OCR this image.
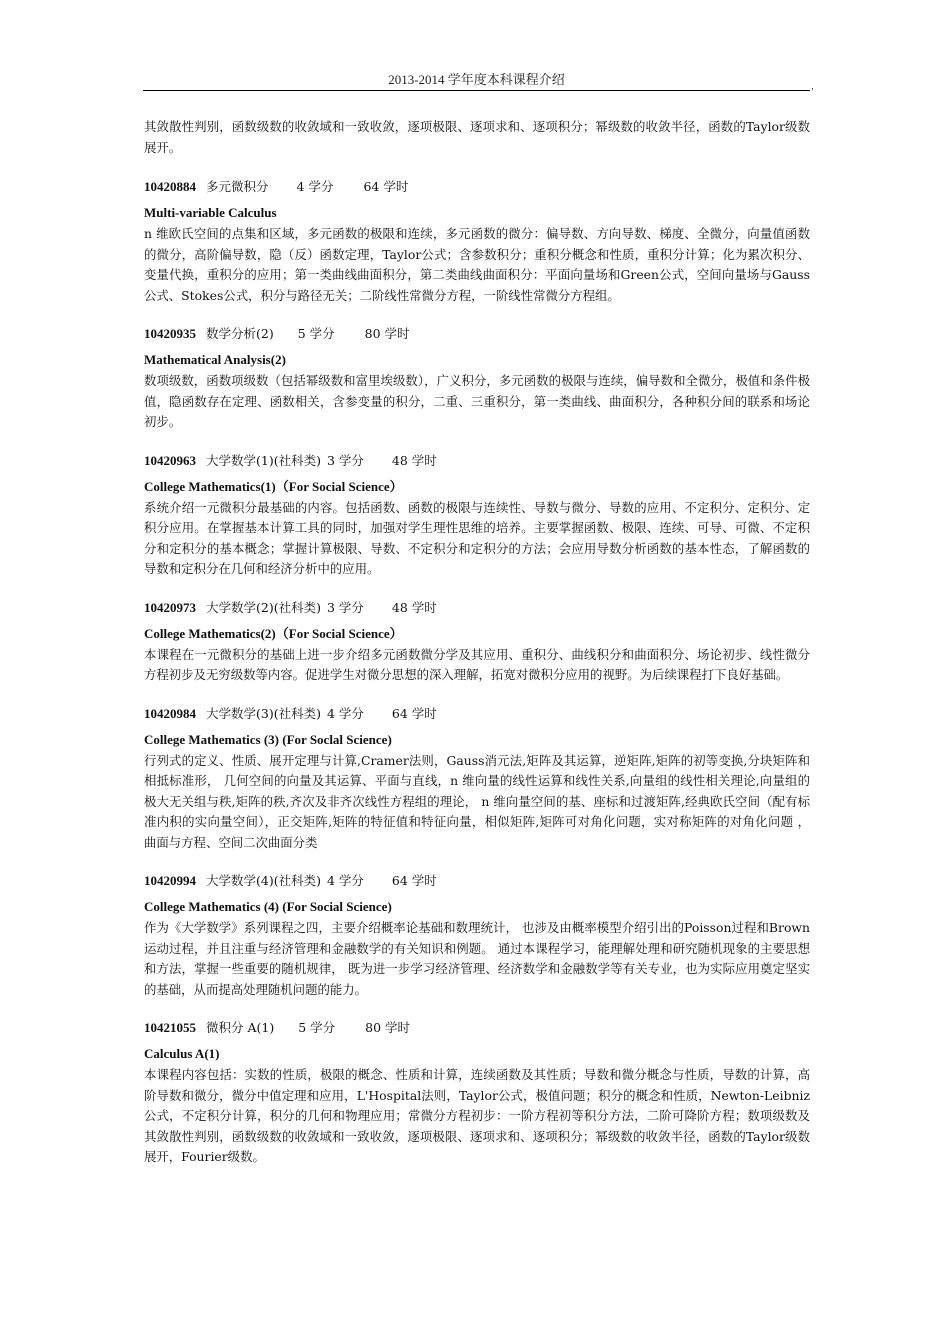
2013-2014 学年度本科课程介绍	，

其敛散性判别，函数级数的收敛域和一致收敛，逐项极限、逐项求和、逐项积分；幂级数的收敛半径，函数的Taylor级数展开。

10420884 多元微积分 4 学分 64 学时
Multi-variable Calculus

n 维欧氏空间的点集和区域，多元函数的极限和连续，多元函数的微分：偏导数、方向导数、梯度、全微分，向量值函数的微分，高阶偏导数，隐（反）函数定理，Taylor公式；含参数积分；重积分概念和性质，重积分计算；化为累次积分、变量代换，重积分的应用；第一类曲线曲面积分，第二类曲线曲面积分：平面向量场和Green公式，空间向量场与Gauss公式、Stokes公式，积分与路径无关；二阶线性常微分方程，一阶线性常微分方程组。

10420935 数学分析(2) 5 学分 80 学时
Mathematical Analysis(2)

数项级数，函数项级数（包括幂级数和富里埃级数），广义积分，多元函数的极限与连续，偏导数和全微分，极值和条件极值，隐函数存在定理、函数相关，含参变量的积分，二重、三重积分，第一类曲线、曲面积分，各种积分间的联系和场论初步。

10420963 大学数学(1)(社科类) 3 学分 48 学时
College Mathematics(1)（For Social Science）

系统介绍一元微积分最基础的内容。包括函数、函数的极限与连续性、导数与微分、导数的应用、不定积分、定积分、定积分应用。在掌握基本计算工具的同时，加强对学生理性思维的培养。主要掌握函数、极限、连续、可导、可微、不定积分和定积分的基本概念；掌握计算极限、导数、不定积分和定积分的方法；会应用导数分析函数的基本性态，了解函数的导数和定积分在几何和经济分析中的应用。

10420973 大学数学(2)(社科类) 3 学分 48 学时
College Mathematics(2)（For Social Science）

本课程在一元微积分的基础上进一步介绍多元函数微分学及其应用、重积分、曲线积分和曲面积分、场论初步、线性微分方程初步及无穷级数等内容。促进学生对微分思想的深入理解，拓宽对微积分应用的视野。为后续课程打下良好基础。

10420984 大学数学(3)(社科类) 4 学分 64 学时
College Mathematics (3) (For Soclal Science)

行列式的定义、性质、展开定理与计算,Cramer法则，Gauss消元法,矩阵及其运算，逆矩阵,矩阵的初等变换,分块矩阵和相抵标准形， 几何空间的向量及其运算、平面与直线，n 维向量的线性运算和线性关系,向量组的线性相关理论,向量组的极大无关组与秩,矩阵的秩,齐次及非齐次线性方程组的理论， n 维向量空间的基、座标和过渡矩阵,经典欧氏空间（配有标准内积的实向量空间），正交矩阵,矩阵的特征值和特征向量，相似矩阵,矩阵可对角化问题，实对称矩阵的对角化问题 ， 曲面与方程、空间二次曲面分类

10420994 大学数学(4)(社科类) 4 学分 64 学时
College Mathematics (4) (For Social Science)

作为《大学数学》系列课程之四，主要介绍概率论基础和数理统计， 也涉及由概率模型介绍引出的Poisson过程和Brown运动过程，并且注重与经济管理和金融数学的有关知识和例题。 通过本课程学习，能理解处理和研究随机现象的主要思想和方法，掌握一些重要的随机规律， 既为进一步学习经济管理、经济数学和金融数学等有关专业，也为实际应用奠定坚实的基础，从而提高处理随机问题的能力。

10421055 微积分 A(1) 5 学分 80 学时
Calculus A(1)

本课程内容包括：实数的性质，极限的概念、性质和计算，连续函数及其性质；导数和微分概念与性质，导数的计算，高阶导数和微分，微分中值定理和应用，L'Hospital法则，Taylor公式，极值问题；积分的概念和性质，Newton-Leibniz 公式，不定积分计算，积分的几何和物理应用；常微分方程初步：一阶方程初等积分方法，二阶可降阶方程；数项级数及其敛散性判别，函数级数的收敛域和一致收敛，逐项极限、逐项求和、逐项积分；幂级数的收敛半径，函数的Taylor级数展开，Fourier级数。
